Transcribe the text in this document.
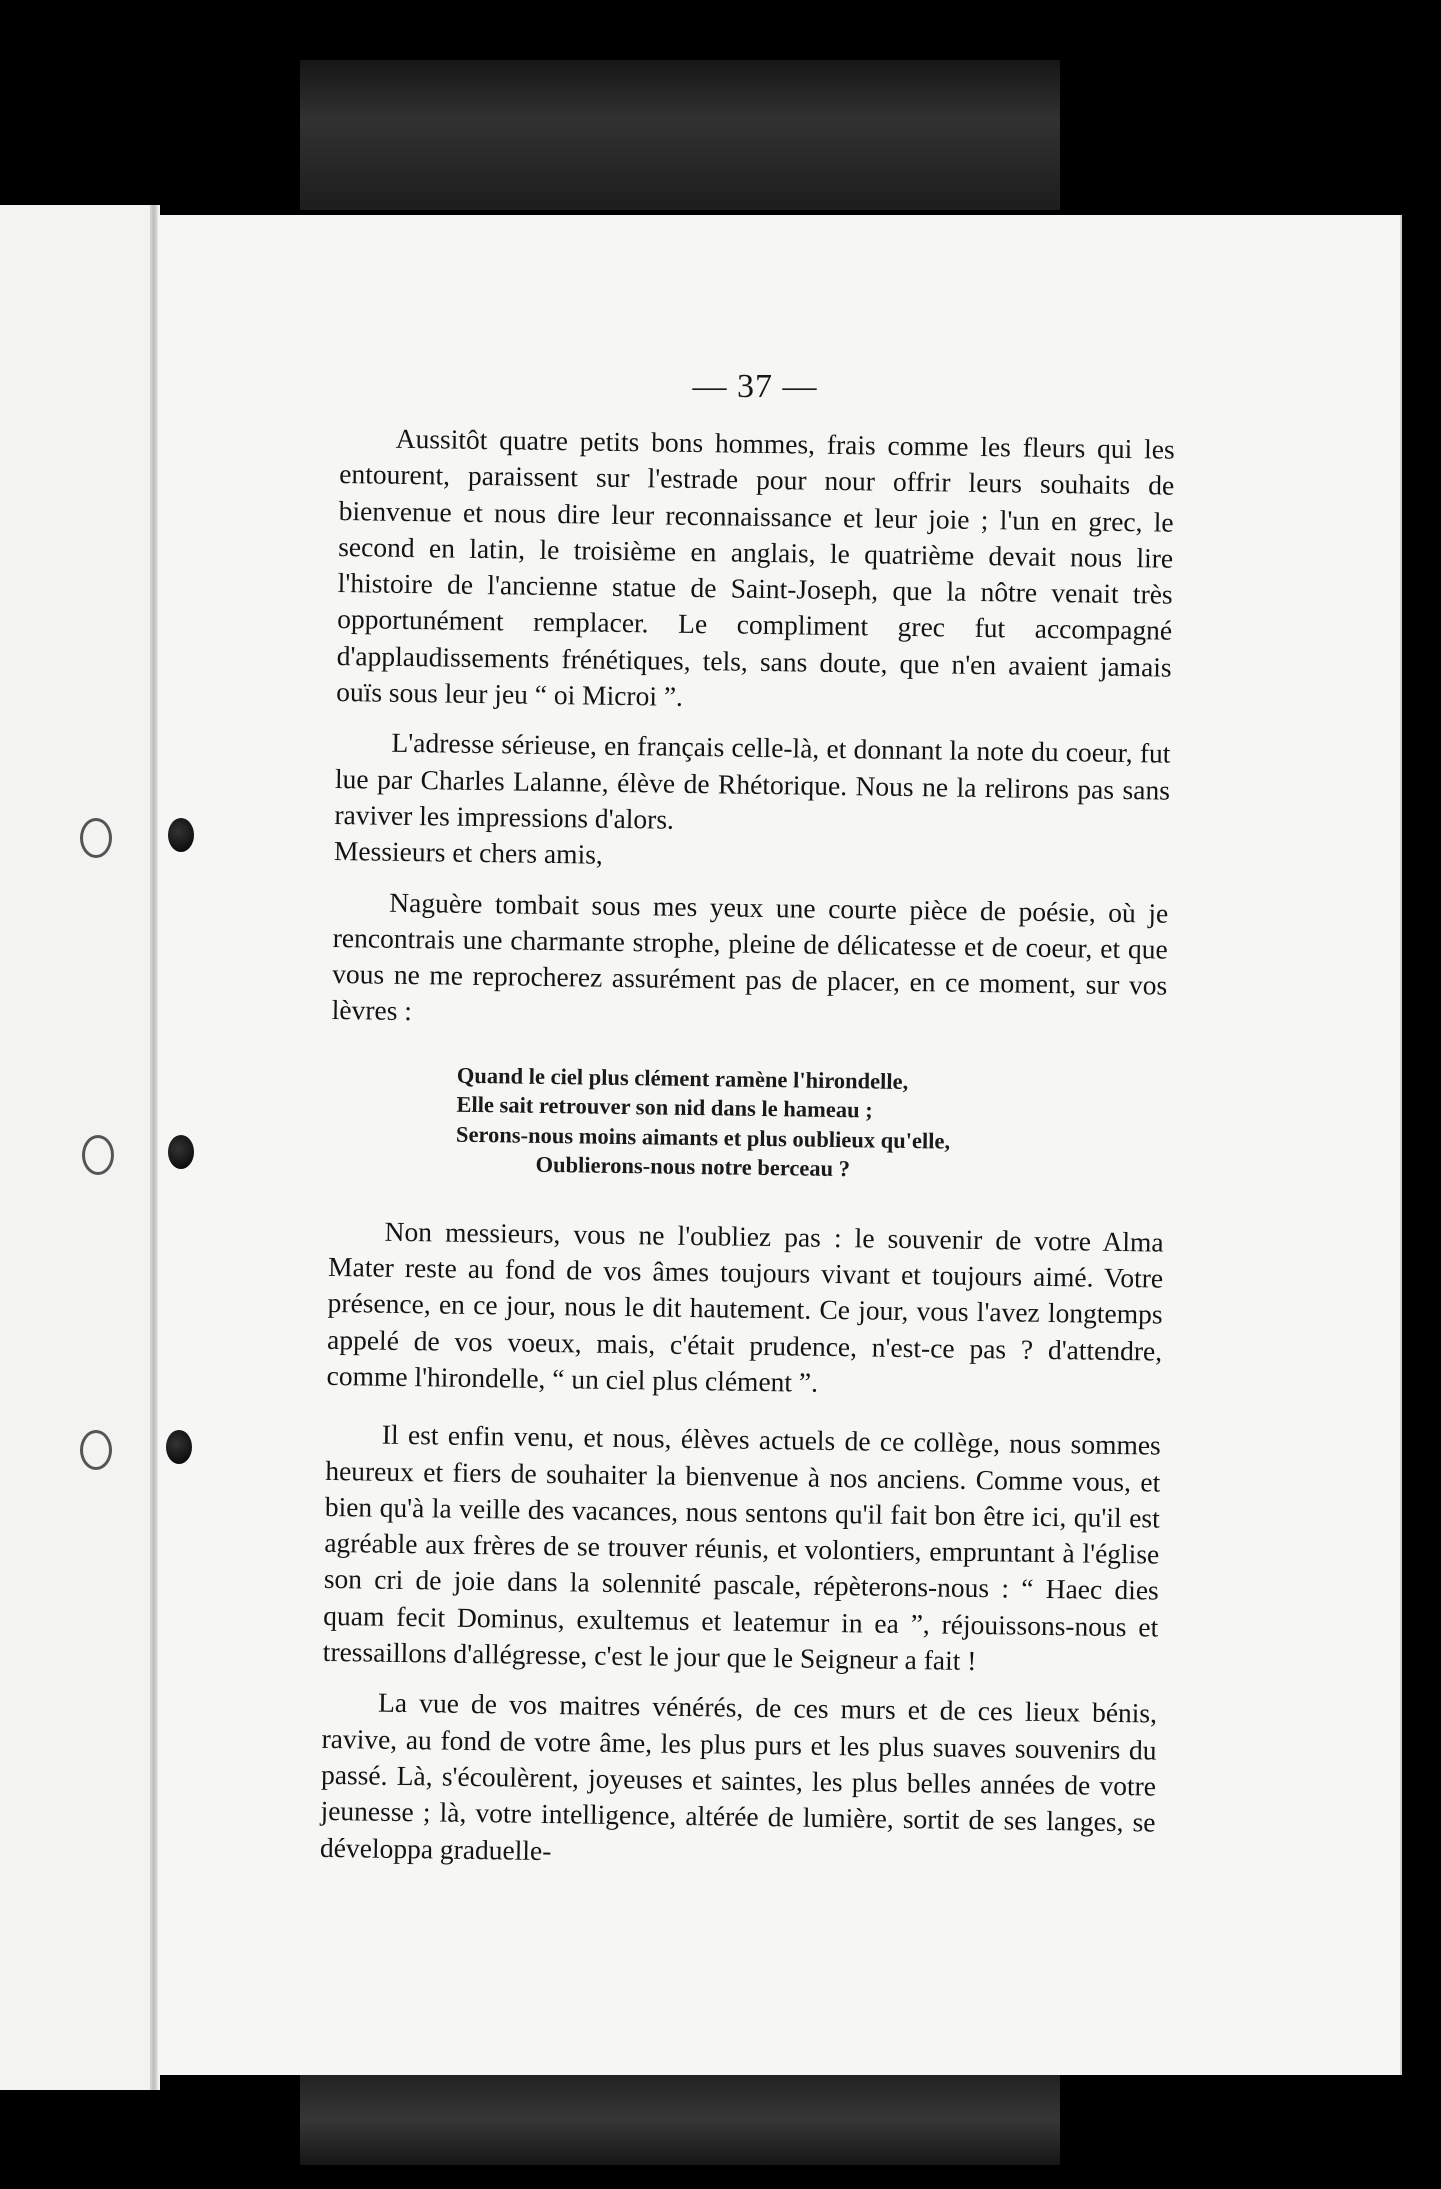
— 37 —

Aussitôt quatre petits bons hommes, frais comme les fleurs qui les entourent, paraissent sur l'estrade pour nour offrir leurs souhaits de bienvenue et nous dire leur reconnaissance et leur joie ; l'un en grec, le second en latin, le troisième en anglais, le quatrième devait nous lire l'histoire de l'ancienne statue de Saint-Joseph, que la nôtre venait très opportunément remplacer. Le compliment grec fut accompagné d'applaudissements frénétiques, tels, sans doute, que n'en avaient jamais ouïs sous leur jeu “ oi Microi ”.

L'adresse sérieuse, en français celle-là, et donnant la note du coeur, fut lue par Charles Lalanne, élève de Rhétorique. Nous ne la relirons pas sans raviver les impressions d'alors.

Messieurs et chers amis,

Naguère tombait sous mes yeux une courte pièce de poésie, où je rencontrais une charmante strophe, pleine de délicatesse et de coeur, et que vous ne me reprocherez assurément pas de placer, en ce moment, sur vos lèvres :

Quand le ciel plus clément ramène l'hirondelle,
Elle sait retrouver son nid dans le hameau ;
Serons-nous moins aimants et plus oublieux qu'elle,
Oublierons-nous notre berceau ?

Non messieurs, vous ne l'oubliez pas : le souvenir de votre Alma Mater reste au fond de vos âmes toujours vivant et toujours aimé. Votre présence, en ce jour, nous le dit hautement. Ce jour, vous l'avez longtemps appelé de vos voeux, mais, c'était prudence, n'est-ce pas ? d'attendre, comme l'hirondelle, “ un ciel plus clément ”.

Il est enfin venu, et nous, élèves actuels de ce collège, nous sommes heureux et fiers de souhaiter la bienvenue à nos anciens. Comme vous, et bien qu'à la veille des vacances, nous sentons qu'il fait bon être ici, qu'il est agréable aux frères de se trouver réunis, et volontiers, empruntant à l'église son cri de joie dans la solennité pascale, répèterons-nous : “ Haec dies quam fecit Dominus, exultemus et leatemur in ea ”, réjouissons-nous et tressaillons d'allégresse, c'est le jour que le Seigneur a fait !

La vue de vos maitres vénérés, de ces murs et de ces lieux bénis, ravive, au fond de votre âme, les plus purs et les plus suaves souvenirs du passé. Là, s'écoulèrent, joyeuses et saintes, les plus belles années de votre jeunesse ; là, votre intelligence, altérée de lumière, sortit de ses langes, se développa graduelle-
